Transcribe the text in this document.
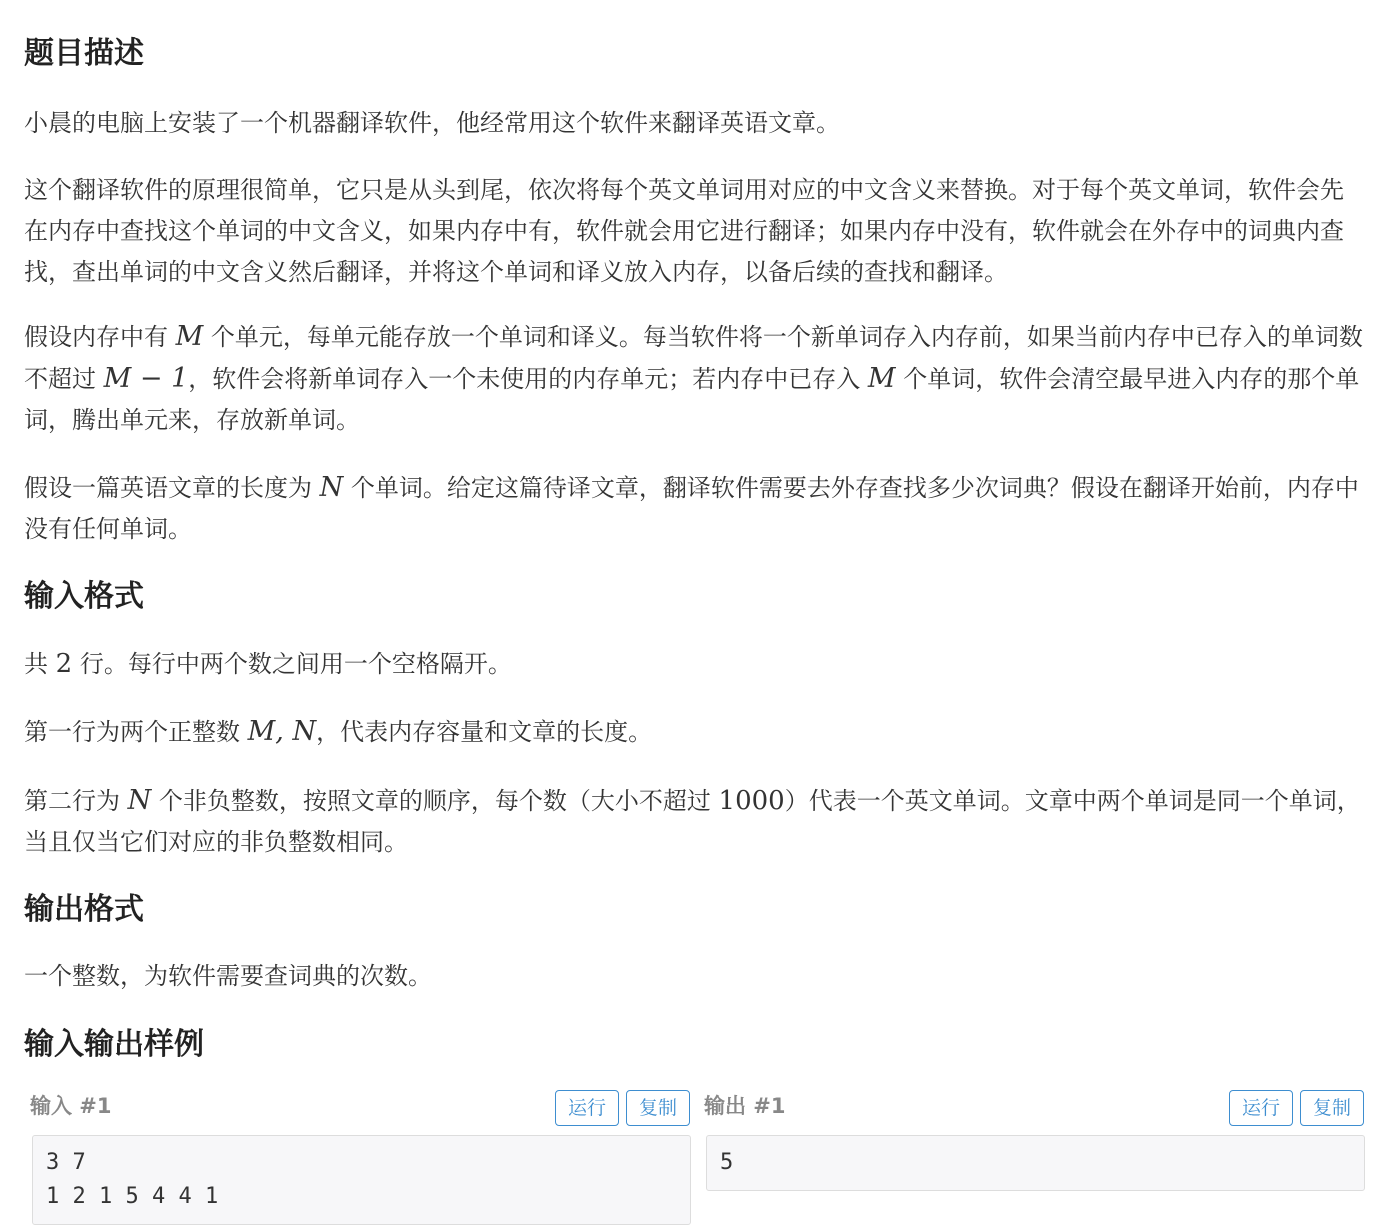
题目描述

小晨的电脑上安装了一个机器翻译软件，他经常用这个软件来翻译英语文章。

这个翻译软件的原理很简单，它只是从头到尾，依次将每个英文单词用对应的中文含义来替换。对于每个英文单词，软件会先在内存中查找这个单词的中文含义，如果内存中有，软件就会用它进行翻译；如果内存中没有，软件就会在外存中的词典内查找，查出单词的中文含义然后翻译，并将这个单词和译义放入内存，以备后续的查找和翻译。

假设内存中有 M 个单元，每单元能存放一个单词和译义。每当软件将一个新单词存入内存前，如果当前内存中已存入的单词数不超过 M − 1，软件会将新单词存入一个未使用的内存单元；若内存中已存入 M 个单词，软件会清空最早进入内存的那个单词，腾出单元来，存放新单词。

假设一篇英语文章的长度为 N 个单词。给定这篇待译文章，翻译软件需要去外存查找多少次词典？假设在翻译开始前，内存中没有任何单词。

输入格式

共 2 行。每行中两个数之间用一个空格隔开。

第一行为两个正整数 M, N，代表内存容量和文章的长度。

第二行为 N 个非负整数，按照文章的顺序，每个数（大小不超过 1000）代表一个英文单词。文章中两个单词是同一个单词，当且仅当它们对应的非负整数相同。

输出格式

一个整数，为软件需要查词典的次数。

输入输出样例
输入 #1	运行	复制
3 7
1 2 1 5 4 4 1
输出 #1	运行	复制
5
